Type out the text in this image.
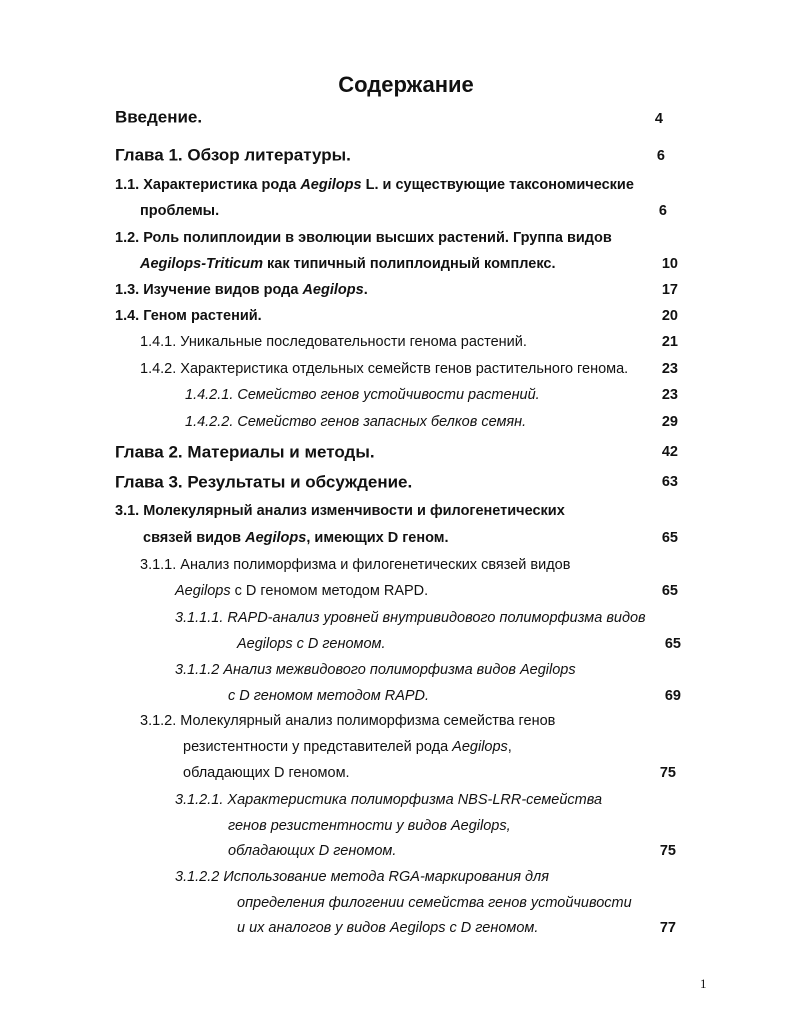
Содержание
Введение.	4
Глава 1. Обзор литературы.	6
1.1. Характеристика рода Aegilops L. и существующие таксономические
проблемы.	6
1.2. Роль полиплоидии в эволюции высших растений. Группа видов
Aegilops-Triticum как типичный полиплоидный комплекс.	10
1.3. Изучение видов рода Aegilops.	17
1.4. Геном растений.	20
1.4.1. Уникальные последовательности генома растений.	21
1.4.2. Характеристика отдельных семейств генов растительного генома. 23
1.4.2.1. Семейство генов устойчивости растений.	23
1.4.2.2. Семейство генов запасных белков семян.	29
Глава 2. Материалы и методы.	42
Глава 3. Результаты и обсуждение.	63
3.1. Молекулярный анализ изменчивости и филогенетических
связей видов Aegilops, имеющих D геном.	65
3.1.1. Анализ полиморфизма и филогенетических связей видов
Aegilops с D геномом методом RAPD.	65
3.1.1.1. RAPD-анализ уровней внутривидового полиморфизма видов
Aegilops с D геномом.	65
3.1.1.2 Анализ межвидового полиморфизма видов Aegilops
с D геномом методом RAPD.	69
3.1.2. Молекулярный анализ полиморфизма семейства генов
резистентности у представителей рода Aegilops,
обладающих D геномом.	75
3.1.2.1. Характеристика полиморфизма NBS-LRR-семейства
генов резистентности у видов Aegilops,
обладающих D геномом.	75
3.1.2.2 Использование метода RGA-маркирования для
определения филогении семейства генов устойчивости
и их аналогов у видов Aegilops с D геномом.	77
1
